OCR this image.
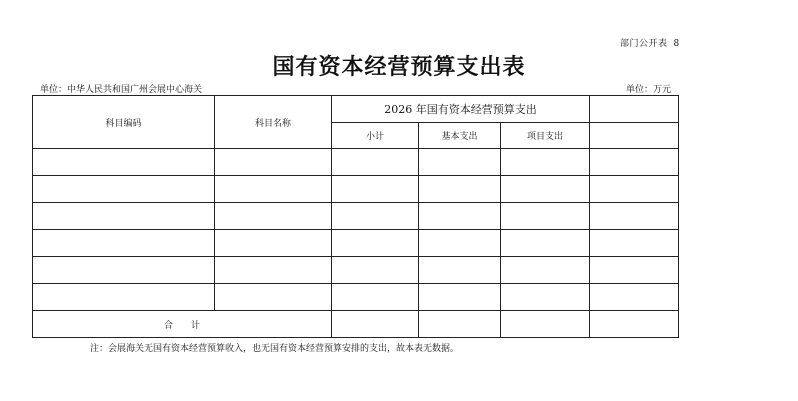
部门公开表 8
国有资本经营预算支出表
单位：中华人民共和国广州会展中心海关	单位：万元
科目编码	科目名称	2026 年国有资本经营预算支出			
		小计	基本支出	项目支出	

合　　计					
注：会展海关无国有资本经营预算收入，也无国有资本经营预算安排的支出，故本表无数据。
